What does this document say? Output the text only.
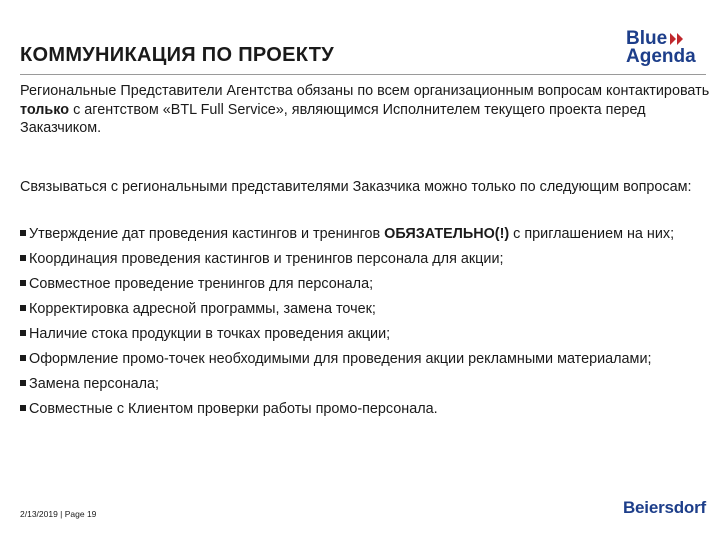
КОММУНИКАЦИЯ ПО ПРОЕКТУ
Blue
Agenda
Региональные Представители Агентства обязаны по всем организационным вопросам контактировать только с агентством «BTL Full Service», являющимся Исполнителем текущего проекта перед Заказчиком.
Связываться с региональными представителями Заказчика можно только по следующим вопросам:
Утверждение дат проведения кастингов и тренингов ОБЯЗАТЕЛЬНО(!) с приглашением на них;
Координация проведения кастингов и тренингов персонала для акции;
Совместное проведение тренингов для персонала;
Корректировка адресной программы, замена точек;
Наличие стока продукции в точках проведения акции;
Оформление промо-точек необходимыми для проведения акции рекламными материалами;
Замена персонала;
Совместные с Клиентом проверки работы промо-персонала.
2/13/2019 | Page 19	Beiersdorf
